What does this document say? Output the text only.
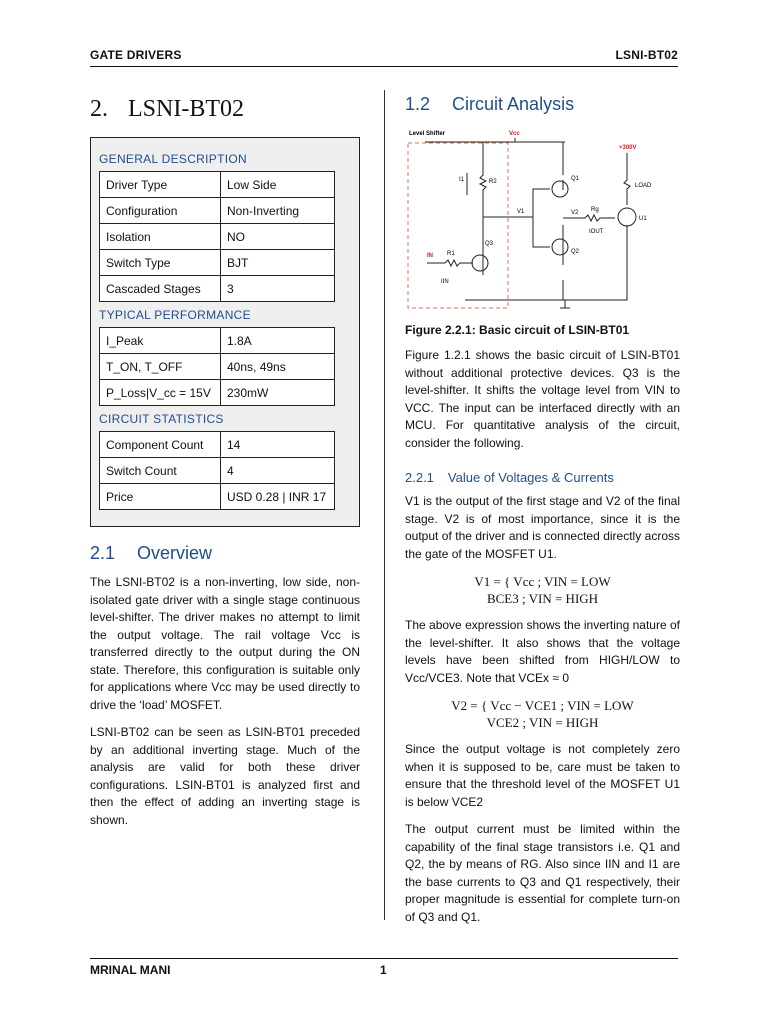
GATE DRIVERS	LSNI-BT02
2. LSNI-BT02
GENERAL DESCRIPTION
Driver Type	Low Side
Configuration	Non-Inverting
Isolation	NO
Switch Type	BJT
Cascaded Stages	3
TYPICAL PERFORMANCE
I_Peak	1.8A
T_ON, T_OFF	40ns, 49ns
P_Loss|V_cc = 15V	230mW
CIRCUIT STATISTICS
Component Count	14
Switch Count	4
Price	USD 0.28 | INR 17
2.1 Overview

The LSNI-BT02 is a non-inverting, low side, non-isolated gate driver with a single stage continuous level-shifter. The driver makes no attempt to limit the output voltage. The rail voltage Vcc is transferred directly to the output during the ON state. Therefore, this configuration is suitable only for applications where Vcc may be used directly to drive the ‘load’ MOSFET.

LSNI-BT02 can be seen as LSIN-BT01 preceded by an additional inverting stage. Much of the analysis are valid for both these driver configurations. LSIN-BT01 is analyzed first and then the effect of adding an inverting stage is shown.

1.2 Circuit Analysis
Level Shifter	Vcc
+300V
R2
I1	Q1
Q2
V1	V2 Rg
IOUT
LOAD
U1
IN R1
IIN
Q3
Figure 2.2.1: Basic circuit of LSIN-BT01

Figure 1.2.1 shows the basic circuit of LSIN-BT01 without additional protective devices. Q3 is the level-shifter. It shifts the voltage level from VIN to VCC. The input can be interfaced directly with an MCU. For quantitative analysis of the circuit, consider the following.

2.2.1 Value of Voltages & Currents

V1 is the output of the first stage and V2 of the final stage. V2 is of most importance, since it is the output of the driver and is connected directly across the gate of the MOSFET U1.

V1 = { Vcc ; VIN = LOW
BCE3 ; VIN = HIGH

The above expression shows the inverting nature of the level-shifter. It also shows that the voltage levels have been shifted from HIGH/LOW to Vcc/VCE3. Note that VCEx ≈ 0

V2 = { Vcc − VCE1 ; VIN = LOW
VCE2 ; VIN = HIGH

Since the output voltage is not completely zero when it is supposed to be, care must be taken to ensure that the threshold level of the MOSFET U1 is below VCE2

The output current must be limited within the capability of the final stage transistors i.e. Q1 and Q2, the by means of RG. Also since IIN and I1 are the base currents to Q3 and Q1 respectively, their proper magnitude is essential for complete turn-on of Q3 and Q1.

MRINAL MANI	1
